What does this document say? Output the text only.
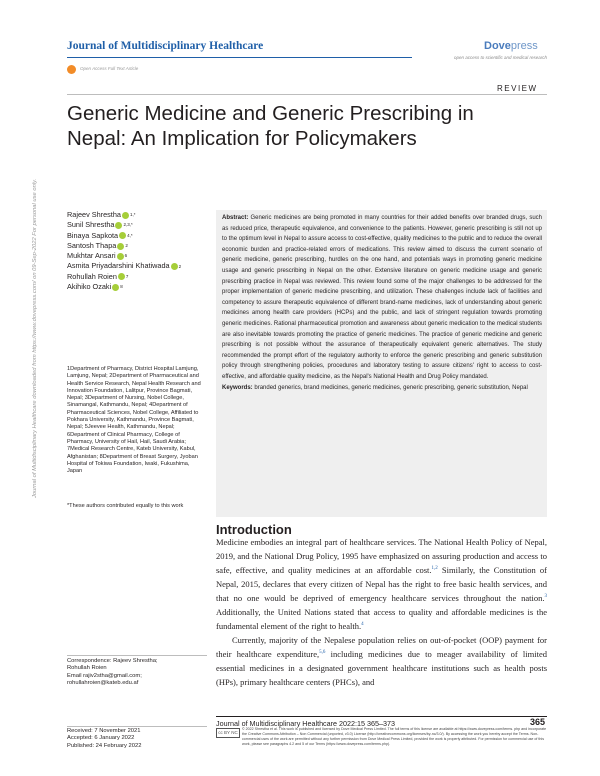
Journal of Multidisciplinary Healthcare	Dovepress
open access to scientific and medical research
Open Access Full Text Article
REVIEW
Generic Medicine and Generic Prescribing in Nepal: An Implication for Policymakers
Journal of Multidisciplinary Healthcare downloaded from https://www.dovepress.com/ on 09-Sep-2022 For personal use only.	Rajeev Shrestha 1,*
Sunil Shrestha 2,3,*
Binaya Sapkota 4,*
Santosh Thapa 2
Mukhtar Ansari 6
Asmita Priyadarshini Khatiwada 2
Rohullah Roien 7
Akihiko Ozaki 8
1Department of Pharmacy, District Hospital Lamjung, Lamjung, Nepal; 2Department of Pharmaceutical and Health Service Research, Nepal Health Research and Innovation Foundation, Lalitpur, Province Bagmati, Nepal; 3Department of Nursing, Nobel College, Sinamangal, Kathmandu, Nepal; 4Department of Pharmaceutical Sciences, Nobel College, Affiliated to Pokhara University, Kathmandu, Province Bagmati, Nepal; 5Jeevee Health, Kathmandu, Nepal; 6Department of Clinical Pharmacy, College of Pharmacy, University of Hail, Hail, Saudi Arabia; 7Medical Research Centre, Kateb University, Kabul, Afghanistan; 8Department of Breast Surgery, Jyoban Hospital of Tokiwa Foundation, Iwaki, Fukushima, Japan
*These authors contributed equally to this work
Abstract: Generic medicines are being promoted in many countries for their added benefits over branded drugs, such as reduced price, therapeutic equivalence, and convenience to the patients. However, generic prescribing is still not up to the optimum level in Nepal to assure access to cost-effective, quality medicines to the public and to reduce the overall economic burden and practice-related errors of medications. This review aimed to discuss the current scenario of generic medicine, generic prescribing, hurdles on the one hand, and potentials ways in promoting generic medicine usage and generic prescribing in Nepal on the other. Extensive literature on generic medicine usage and generic prescribing practice in Nepal was reviewed. This review found some of the major challenges to be addressed for the proper implementation of generic medicine prescribing, and utilization. These challenges include lack of facilities and competency to assure therapeutic equivalence of different brand-name medicines, lack of understanding about generic medicines among health care providers (HCPs) and the public, and lack of stringent regulation towards promoting generic medicines. Rational pharmaceutical promotion and awareness about generic medication to the medical students are also inevitable towards promoting the practice of generic medicines. The practice of generic medicine and generic prescribing is not possible without the assurance of therapeutically equivalent generic alternatives. The study recommended the prompt effort of the regulatory authority to enforce the generic prescribing and generic substitution policy through strengthening policies, procedures and laboratory testing to assure citizens' right to access to cost-effective, and affordable quality medicine, as the Nepal's National Health and Drug Policy mandated.
Keywords: branded generics, brand medicines, generic medicines, generic prescribing, generic substitution, Nepal
Introduction

Medicine embodies an integral part of healthcare services. The National Health Policy of Nepal, 2019, and the National Drug Policy, 1995 have emphasized on assuring production and access to safe, effective, and quality medicines at an affordable cost.$^{1,2}$ Similarly, the Constitution of Nepal, 2015, declares that every citizen of Nepal has the right to free basic health services, and that no one would be deprived of emergency healthcare services throughout the nation.$^3$ Additionally, the United Nations stated that access to quality and affordable medicines is the fundamental element of the right to health.$^4$

Currently, majority of the Nepalese population relies on out-of-pocket (OOP) payment for their healthcare expenditure,$^{5,6}$ including medicines due to meager availability of limited essential medicines in a designated government healthcare institutions such as health posts (HPs), primary healthcare centers (PHCs), and

Correspondence: Rajeev Shrestha;
Rohullah Roien
Email rajiv2stha@gmail.com;
rohullahroien@kateb.edu.af
Received: 7 November 2021
Accepted: 6 January 2022
Published: 24 February 2022
Journal of Multidisciplinary Healthcare 2022:15 365–373	365
cc BY NC
© 2022 Shrestha et al. This work is published and licensed by Dove Medical Press Limited. The full terms of this license are available at https://www.dovepress.com/terms. php and incorporate the Creative Commons Attribution – Non Commercial (unported, v3.0) License (http://creativecommons.org/licenses/by-nc/3.0/). By accessing the work you hereby accept the Terms. Non-commercial uses of the work are permitted without any further permission from Dove Medical Press Limited, provided the work is properly attributed. For permission for commercial use of this work, please see paragraphs 4.2 and 5 of our Terms (https://www.dovepress.com/terms.php).
